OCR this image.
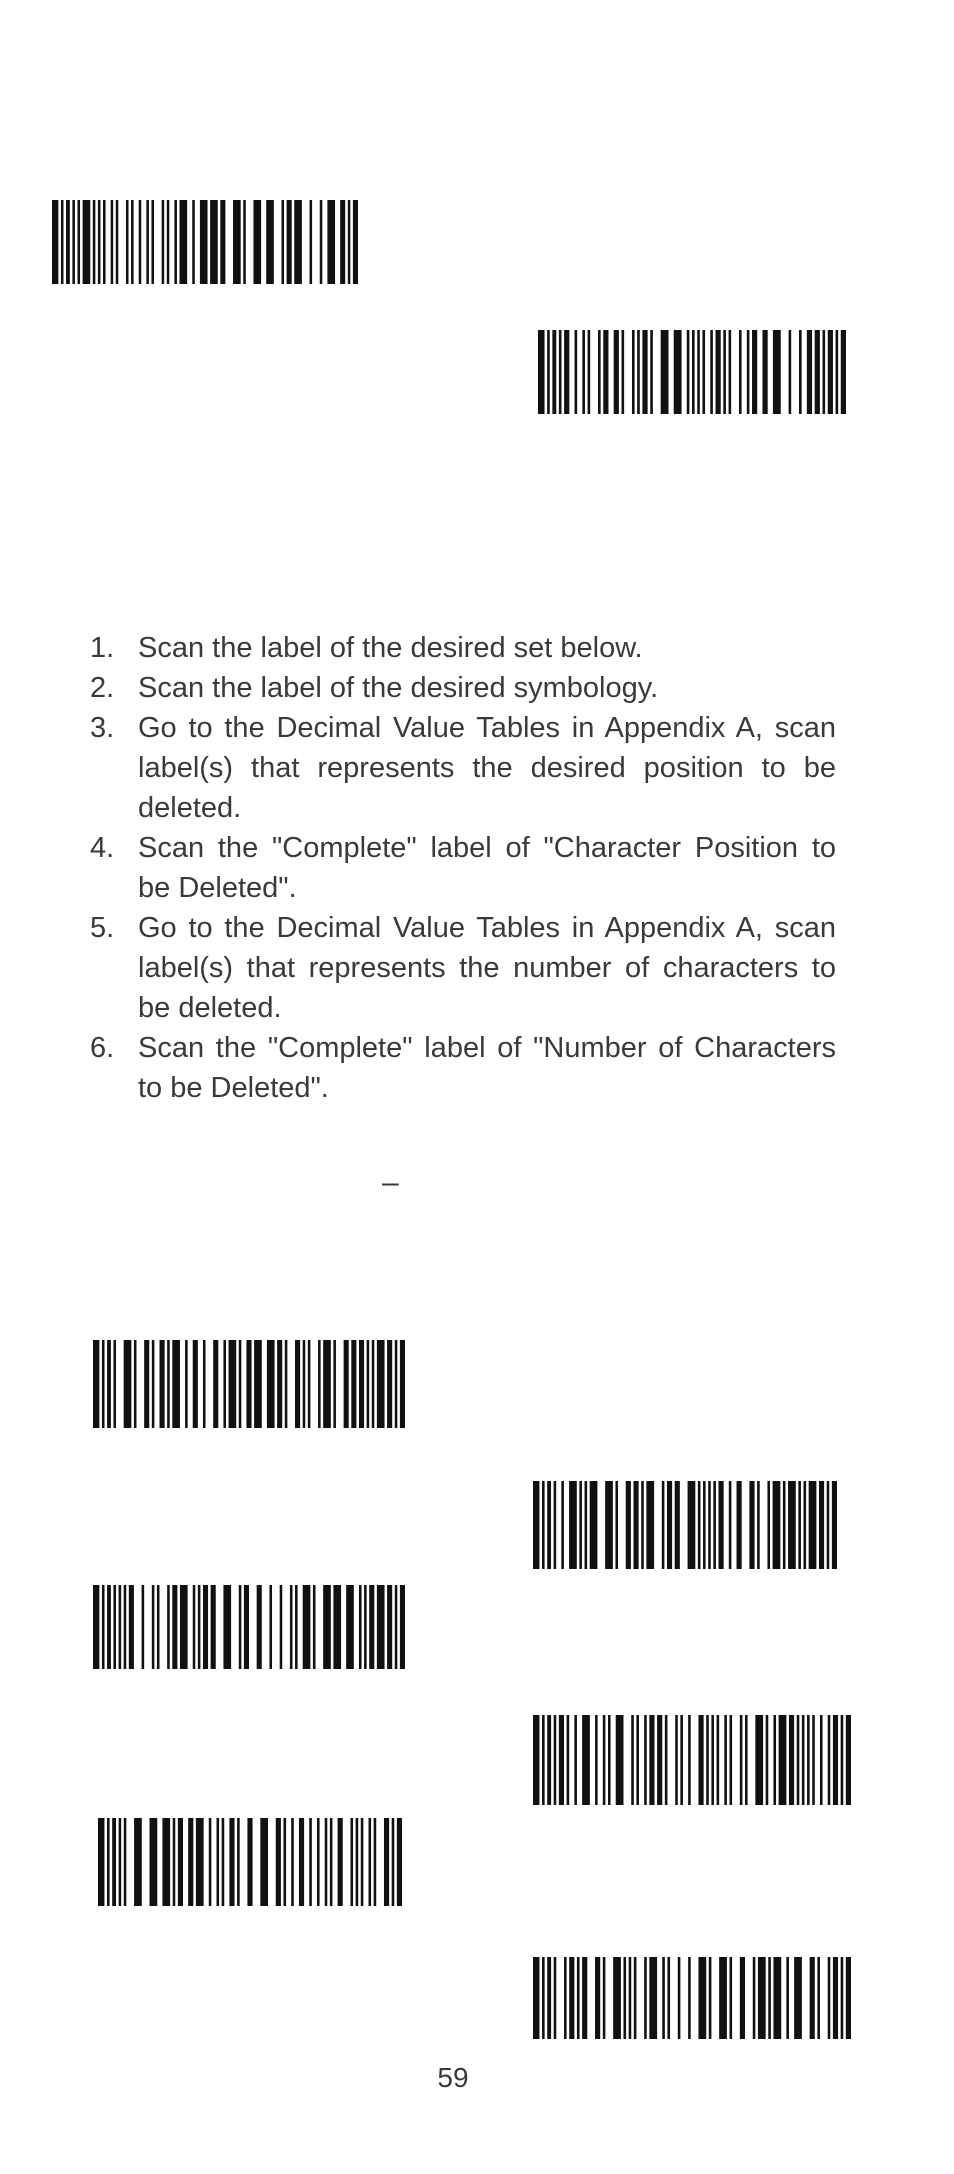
1. Scan the label of the desired set below.
2. Scan the label of the desired symbology.
3. Go to the Decimal Value Tables in Appendix A, scan label(s) that represents the desired position to be deleted.
4. Scan the "Complete" label of "Character Position to be Deleted".
5. Go to the Decimal Value Tables in Appendix A, scan label(s) that represents the number of characters to be deleted.
6. Scan the "Complete" label of "Number of Characters to be Deleted".
–
59
